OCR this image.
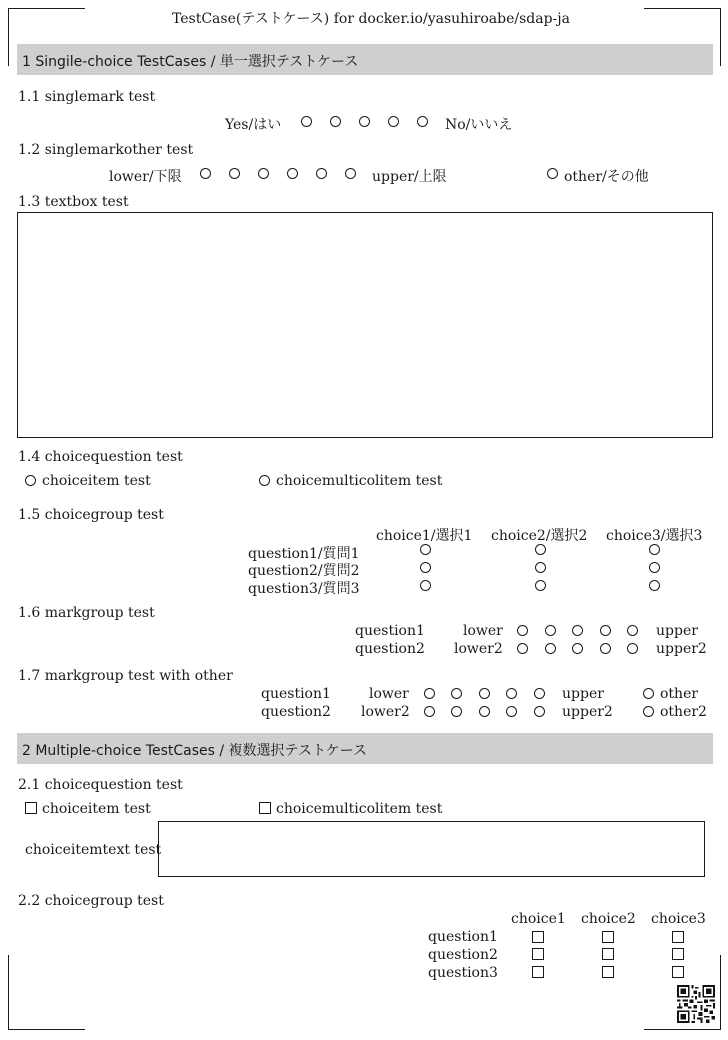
TestCase(テストケース) for docker.io/yasuhiroabe/sdap-ja
1 Singile-choice TestCases / 単一選択テストケース
1.1 singlemark test
Yes/はい	No/いいえ
1.2 singlemarkother test
lower/下限	upper/上限	other/その他
1.3 textbox test
1.4 choicequestion test
choiceitem test	choicemulticolitem test
1.5 choicegroup test
choice1/選択1 choice2/選択2 choice3/選択3
question1/質問1
question2/質問2
question3/質問3
1.6 markgroup test
question1	lower	upper
question2 lower2	upper2
1.7 markgroup test with other
question1	lower	upper	other
question2 lower2	upper2	other2
2 Multiple-choice TestCases / 複数選択テストケース
2.1 choicequestion test
choiceitem test	choicemulticolitem test
choiceitemtext test
2.2 choicegroup test
choice1 choice2 choice3
question1
question2
question3
